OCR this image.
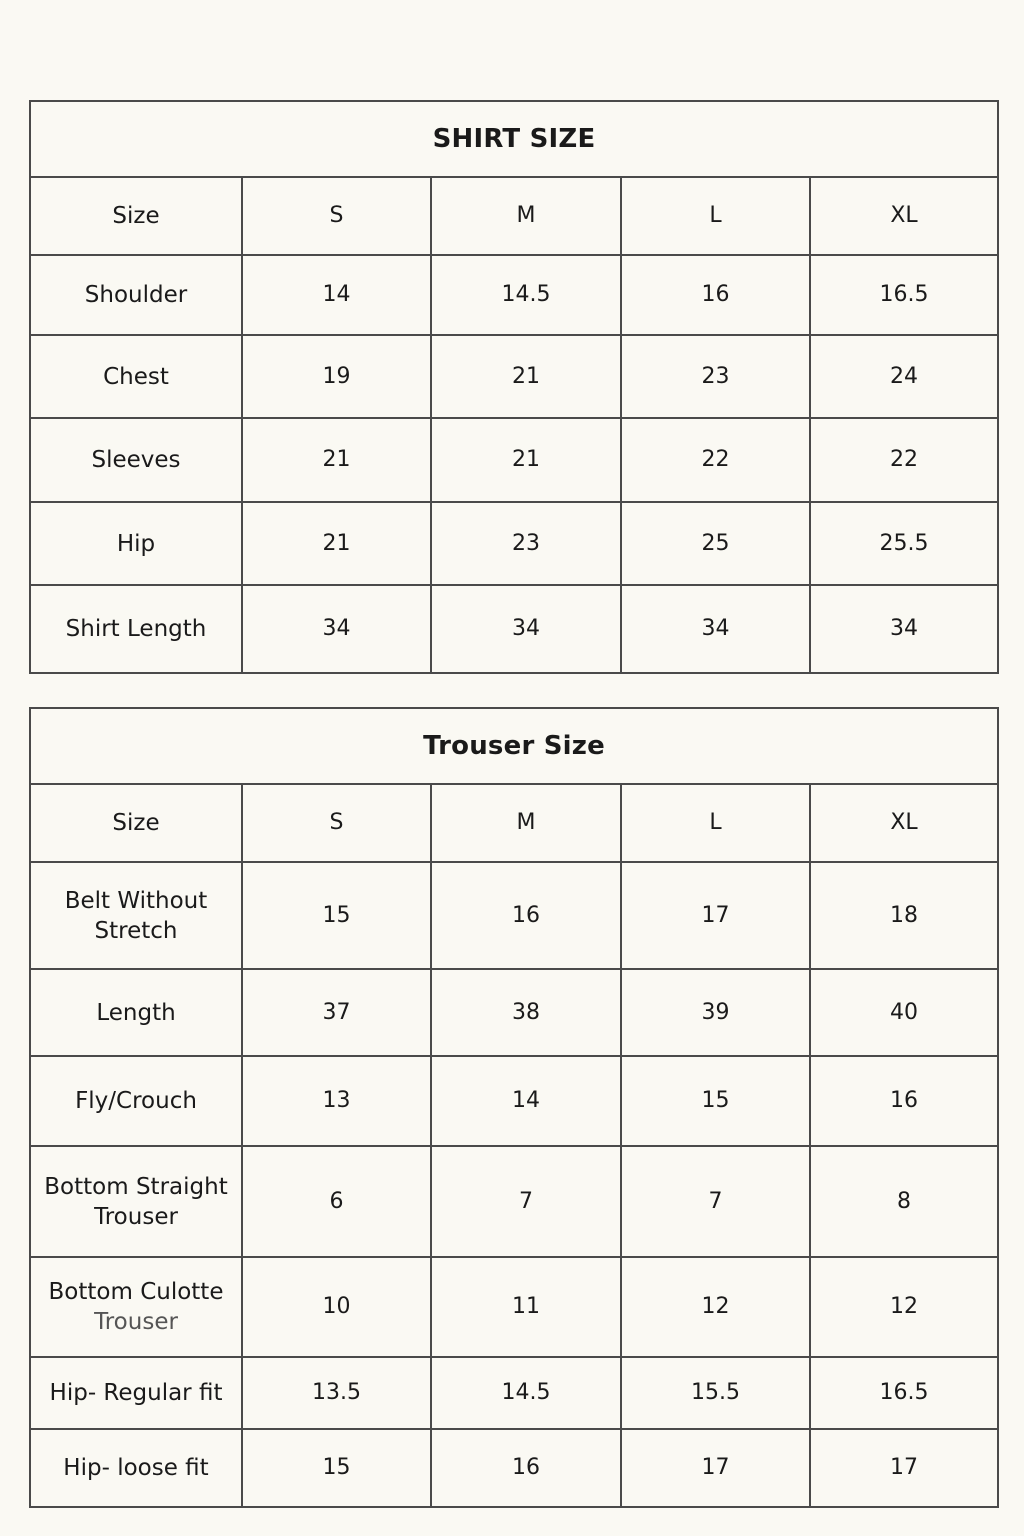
SHIRT SIZE				
Size	S	M	L	XL
Shoulder	14	14.5	16	16.5
Chest	19	21	23	24
Sleeves	21	21	22	22
Hip	21	23	25	25.5
Shirt Length	34	34	34	34
Trouser Size				
Size	S	M	L	XL

Belt Without
Stretch	15	16	17	18
Length	37	38	39	40
Fly/Crouch	13	14	15	16

Bottom Straight
Trouser	6	7	7	8

Bottom Culotte
Trouser	10	11	12	12
Hip- Regular fit	13.5	14.5	15.5	16.5
Hip- loose fit	15	16	17	17
